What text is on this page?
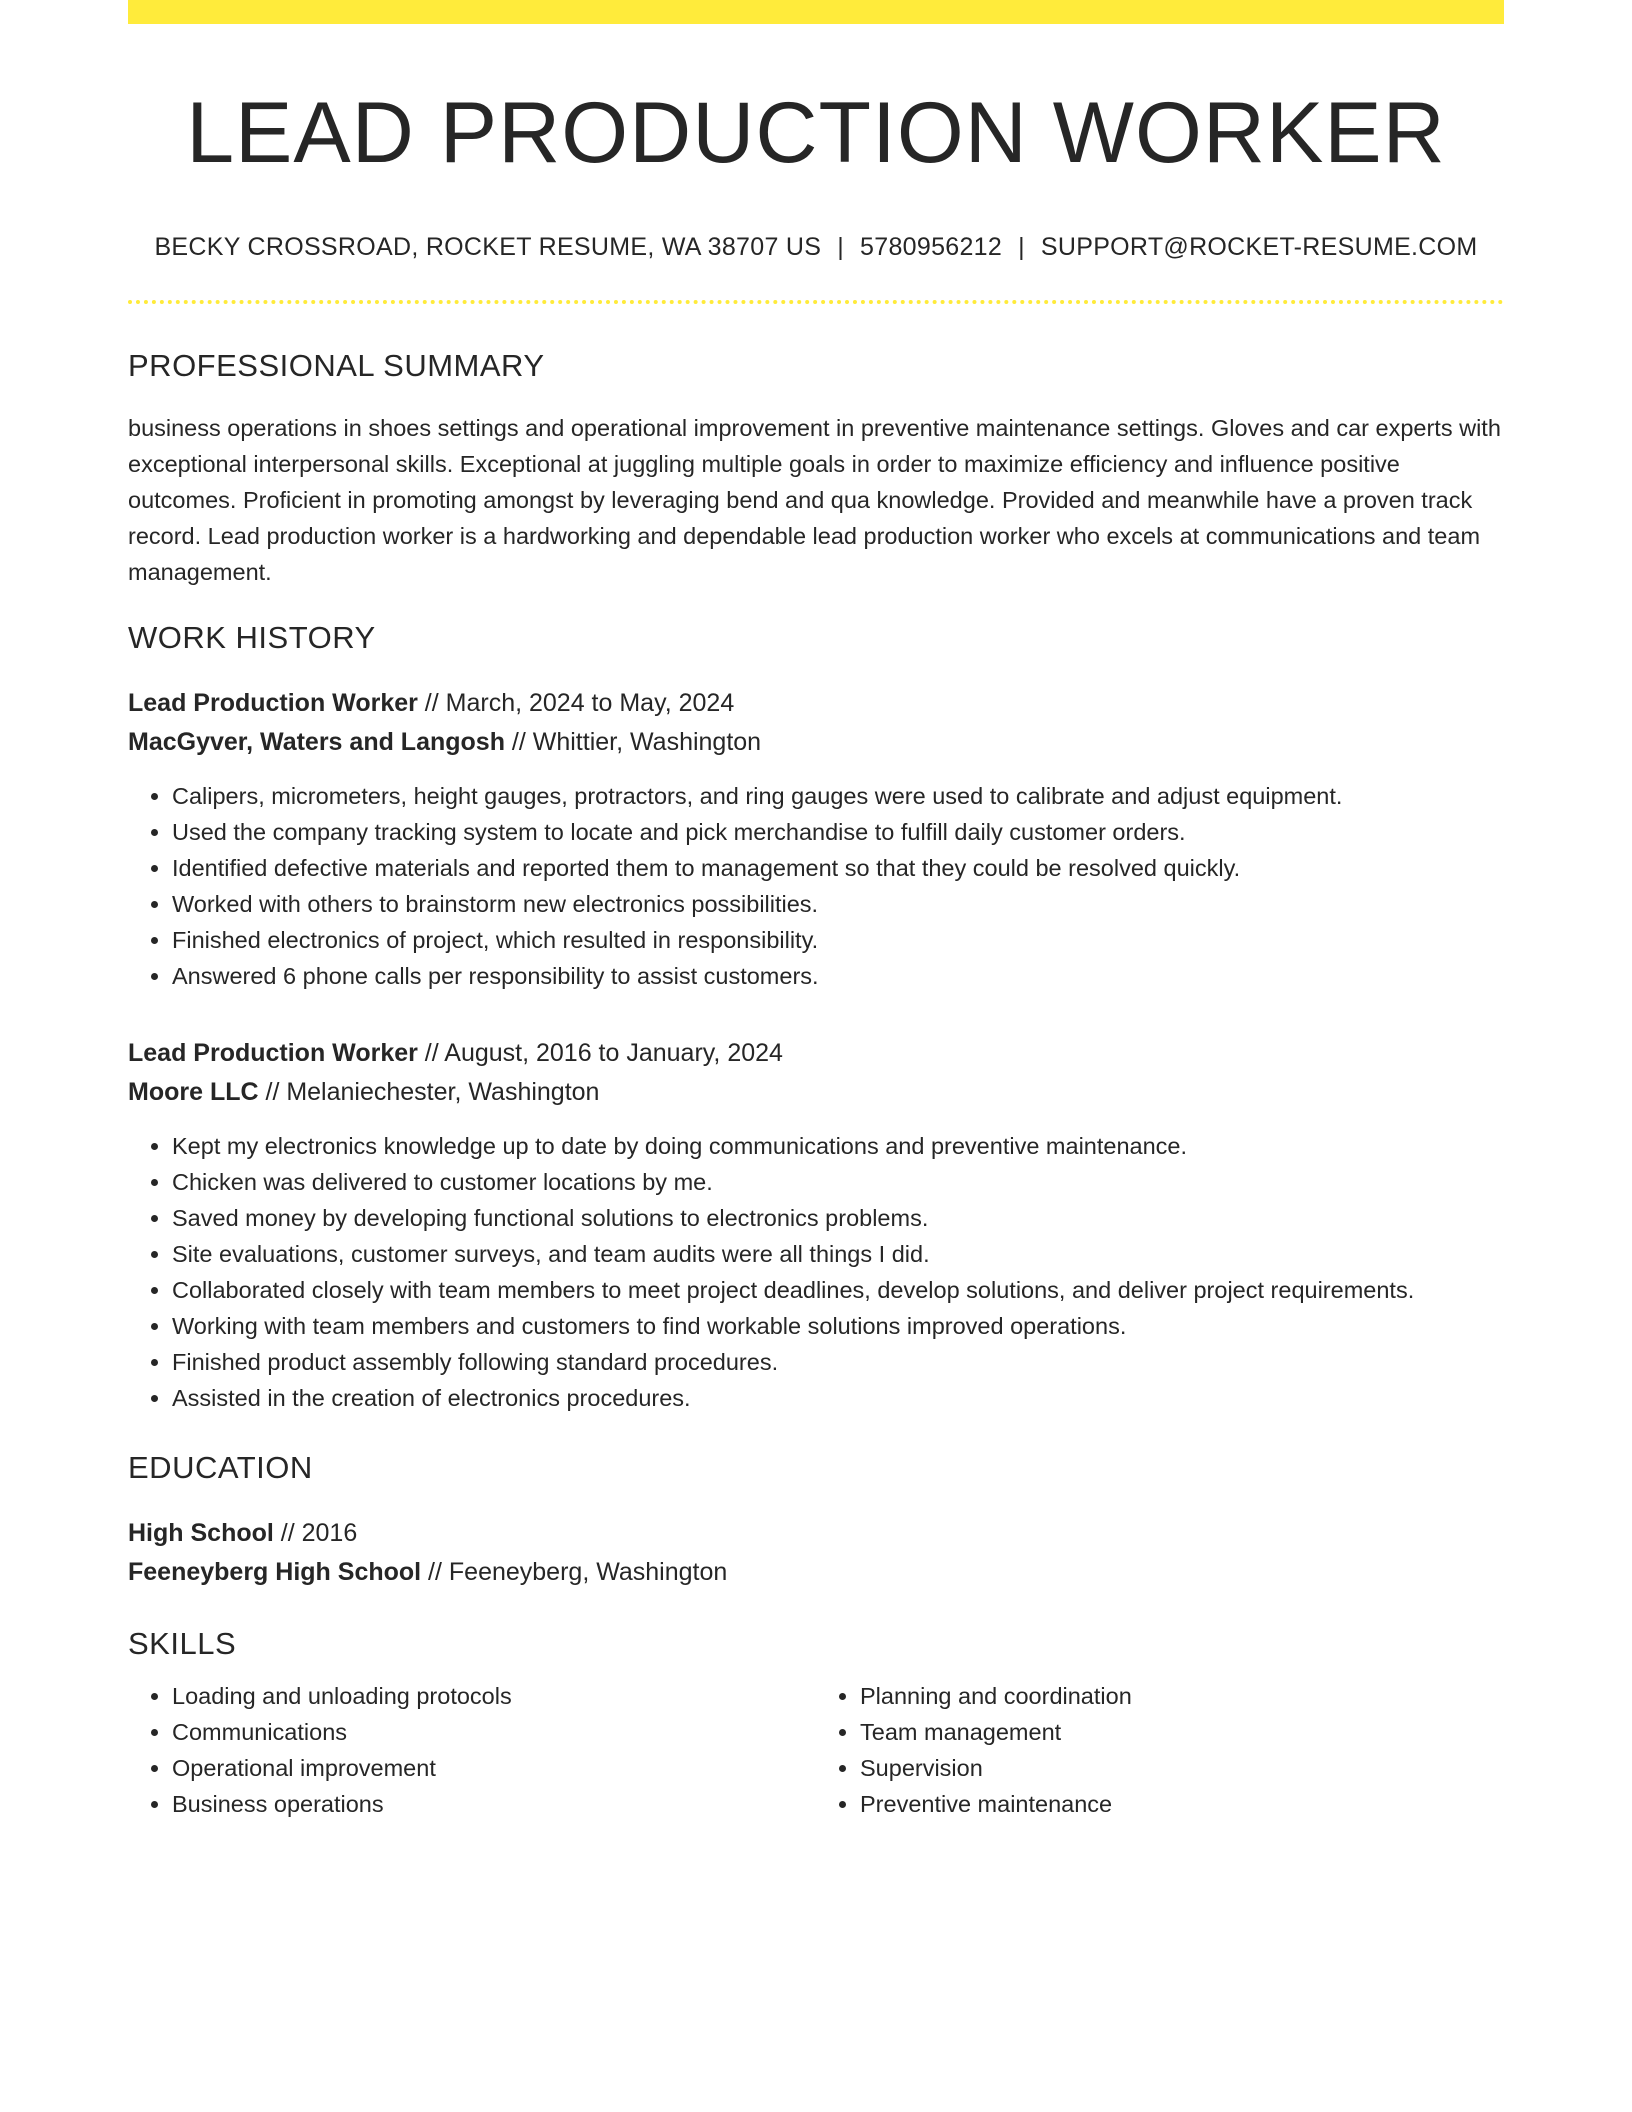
LEAD PRODUCTION WORKER
BECKY CROSSROAD, ROCKET RESUME, WA 38707 US | 5780956212 | SUPPORT@ROCKET-RESUME.COM
PROFESSIONAL SUMMARY

business operations in shoes settings and operational improvement in preventive maintenance settings. Gloves and car experts with exceptional interpersonal skills. Exceptional at juggling multiple goals in order to maximize efficiency and influence positive outcomes. Proficient in promoting amongst by leveraging bend and qua knowledge. Provided and meanwhile have a proven track record. Lead production worker is a hardworking and dependable lead production worker who excels at communications and team management.

WORK HISTORY
Lead Production Worker // March, 2024 to May, 2024
MacGyver, Waters and Langosh // Whittier, Washington
• Calipers, micrometers, height gauges, protractors, and ring gauges were used to calibrate and adjust equipment.
• Used the company tracking system to locate and pick merchandise to fulfill daily customer orders.
• Identified defective materials and reported them to management so that they could be resolved quickly.
• Worked with others to brainstorm new electronics possibilities.
• Finished electronics of project, which resulted in responsibility.
• Answered 6 phone calls per responsibility to assist customers.
Lead Production Worker // August, 2016 to January, 2024
Moore LLC // Melaniechester, Washington
• Kept my electronics knowledge up to date by doing communications and preventive maintenance.
• Chicken was delivered to customer locations by me.
• Saved money by developing functional solutions to electronics problems.
• Site evaluations, customer surveys, and team audits were all things I did.
• Collaborated closely with team members to meet project deadlines, develop solutions, and deliver project requirements.
• Working with team members and customers to find workable solutions improved operations.
• Finished product assembly following standard procedures.
• Assisted in the creation of electronics procedures.
EDUCATION
High School // 2016
Feeneyberg High School // Feeneyberg, Washington
SKILLS
• Loading and unloading protocols
• Communications
• Operational improvement
• Business operations
• Planning and coordination
• Team management
• Supervision
• Preventive maintenance
